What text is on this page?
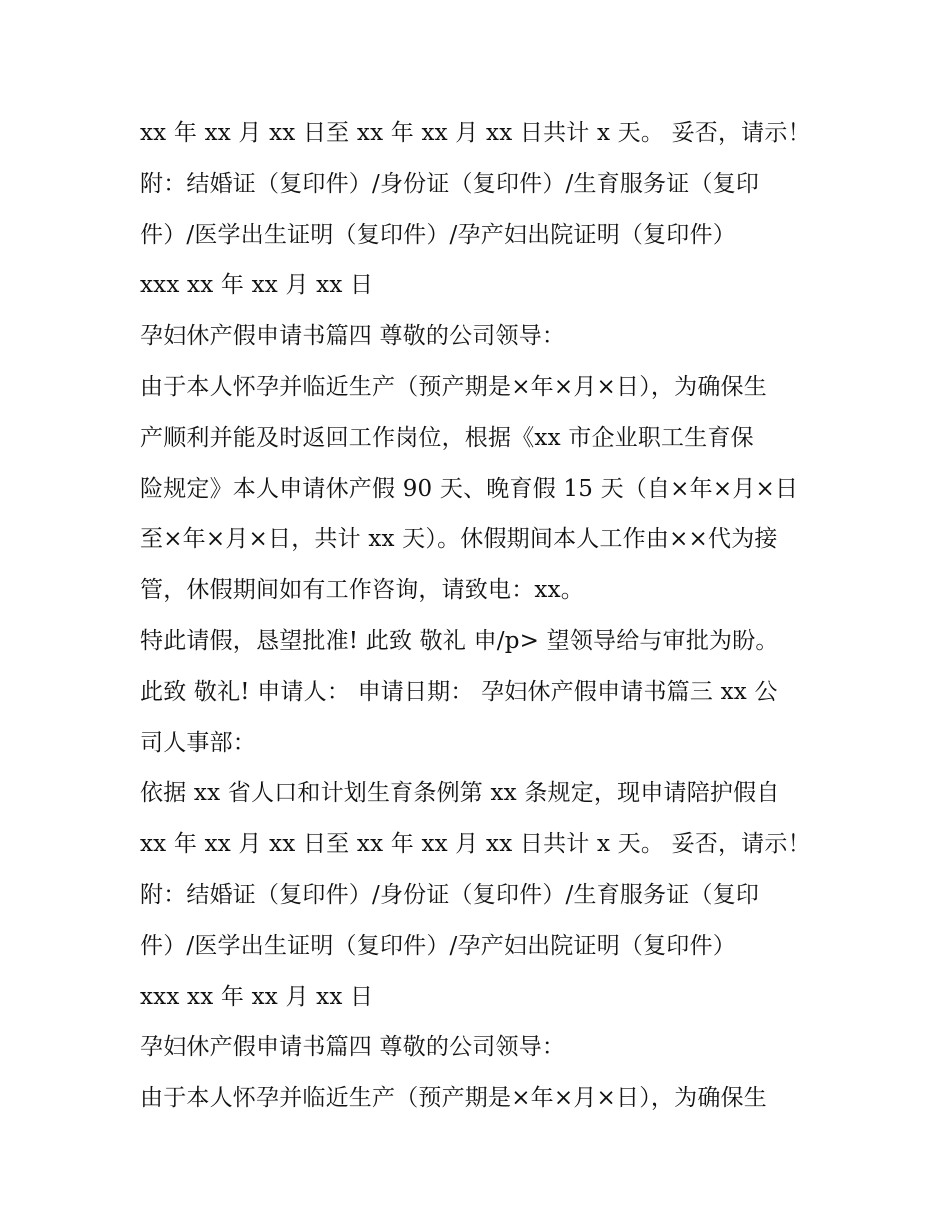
xx 年 xx 月 xx 日至 xx 年 xx 月 xx 日共计 x 天。 妥否，请示！
附：结婚证（复印件）/身份证（复印件）/生育服务证（复印
件）/医学出生证明（复印件）/孕产妇出院证明（复印件）
xxx xx 年 xx 月 xx 日
孕妇休产假申请书篇四 尊敬的公司领导：
由于本人怀孕并临近生产（预产期是×年×月×日），为确保生
产顺利并能及时返回工作岗位，根据《xx 市企业职工生育保
险规定》本人申请休产假 90 天、晚育假 15 天（自×年×月×日
至×年×月×日，共计 xx 天）。休假期间本人工作由××代为接
管，休假期间如有工作咨询，请致电：xx。
特此请假，恳望批准! 此致 敬礼 申/p> 望领导给与审批为盼。
此致 敬礼! 申请人： 申请日期： 孕妇休产假申请书篇三 xx 公
司人事部：
依据 xx 省人口和计划生育条例第 xx 条规定，现申请陪护假自
xx 年 xx 月 xx 日至 xx 年 xx 月 xx 日共计 x 天。 妥否，请示！
附：结婚证（复印件）/身份证（复印件）/生育服务证（复印
件）/医学出生证明（复印件）/孕产妇出院证明（复印件）
xxx xx 年 xx 月 xx 日
孕妇休产假申请书篇四 尊敬的公司领导：
由于本人怀孕并临近生产（预产期是×年×月×日），为确保生
